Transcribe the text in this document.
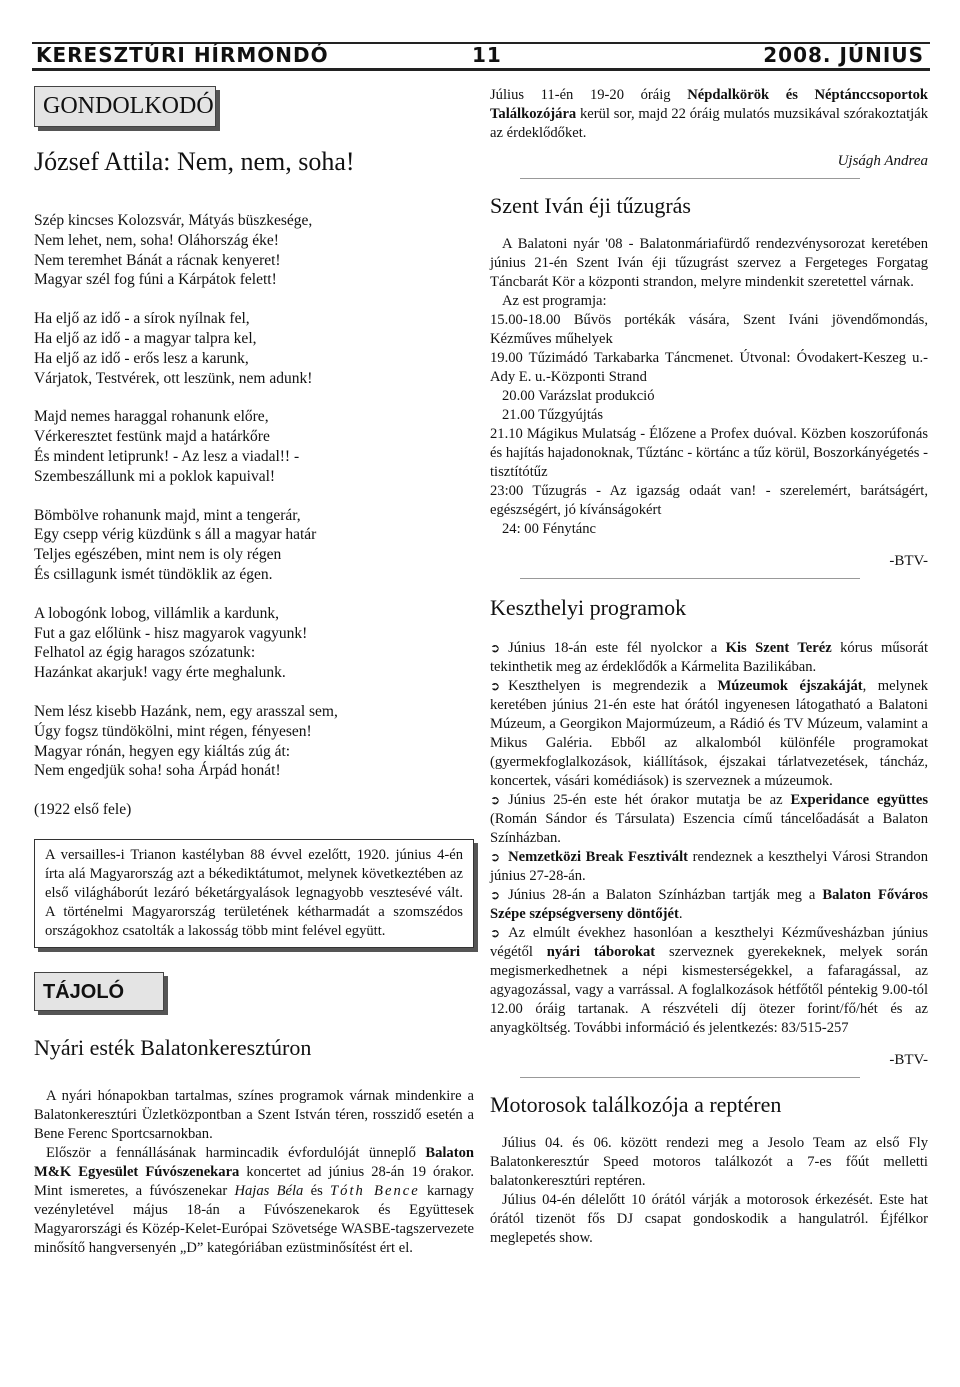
KERESZTÚRI HÍRMONDÓ	11	2008. JÚNIUS
GONDOLKODÓ
József Attila: Nem, nem, soha!

Szép kincses Kolozsvár, Mátyás büszkesége,
Nem lehet, nem, soha! Oláhország éke!
Nem teremhet Bánát a rácnak kenyeret!
Magyar szél fog fúni a Kárpátok felett!

Ha eljő az idő - a sírok nyílnak fel,
Ha eljő az idő - a magyar talpra kel,
Ha eljő az idő - erős lesz a karunk,
Várjatok, Testvérek, ott leszünk, nem adunk!

Majd nemes haraggal rohanunk előre,
Vérkeresztet festünk majd a határkőre
És mindent letiprunk! - Az lesz a viadal!! -
Szembeszállunk mi a poklok kapuival!

Bömbölve rohanunk majd, mint a tengerár,
Egy csepp vérig küzdünk s áll a magyar határ
Teljes egészében, mint nem is oly régen
És csillagunk ismét tündöklik az égen.

A lobogónk lobog, villámlik a kardunk,
Fut a gaz előlünk - hisz magyarok vagyunk!
Felhatol az égig haragos szózatunk:
Hazánkat akarjuk! vagy érte meghalunk.

Nem lész kisebb Hazánk, nem, egy arasszal sem,
Úgy fogsz tündökölni, mint régen, fényesen!
Magyar rónán, hegyen egy kiáltás zúg át:
Nem engedjük soha! soha Árpád honát!

(1922 első fele)

A versailles-i Trianon kastélyban 88 évvel ezelőtt, 1920. június 4-én írta alá Magyarország azt a békediktátumot, melynek következtében az első világháborút lezáró béketárgyalások legnagyobb vesztesévé vált. A történelmi Magyarország területének kétharmadát a szomszédos országokhoz csatolták a lakosság több mint felével együtt.
TÁJOLÓ
Nyári esték Balatonkeresztúron

A nyári hónapokban tartalmas, színes programok várnak mindenkire a Balatonkeresztúri Üzletközpontban a Szent István téren, rosszidő esetén a Bene Ferenc Sportcsarnokban.

Először a fennállásának harmincadik évfordulóját ünneplő Balaton M&K Egyesület Fúvószenekara koncertet ad június 28-án 19 órakor. Mint ismeretes, a fúvószenekar Hajas Béla és Tóth Bence karnagy vezényletével május 18-án a Fúvószenekarok és Együttesek Magyarországi és Közép-Kelet-Európai Szövetsége WASBE-tagszervezete minősítő hangversenyén „D” kategóriában ezüstminősítést ért el.

Július 11-én 19-20 óráig Népdalkörök és Néptánccsoportok Találkozójára kerül sor, majd 22 óráig mulatós muzsikával szórakoztatják az érdeklődőket.

Ujságh Andrea
Szent Iván éji tűzugrás

A Balatoni nyár '08 - Balatonmáriafürdő rendezvénysorozat keretében június 21-én Szent Iván éji tűzugrást szervez a Fergeteges Forgatag Táncbarát Kör a központi strandon, melyre mindenkit szeretettel várnak.

Az est programja:

15.00-18.00 Bűvös portékák vására, Szent Iváni jövendőmondás, Kézműves műhelyek

19.00 Tűzimádó Tarkabarka Táncmenet. Útvonal: Óvodakert-Keszeg u.-Ady E. u.-Központi Strand

20.00 Varázslat produkció

21.00 Tűzgyújtás

21.10 Mágikus Mulatság - Élőzene a Profex duóval. Közben koszorúfonás és hajítás hajadonoknak, Tűztánc - körtánc a tűz körül, Boszorkányégetés - tisztítótűz

23:00 Tűzugrás - Az igazság odaát van! - szerelemért, barátságért, egészségért, jó kívánságokért

24: 00 Fénytánc

-BTV-
Keszthelyi programok

➲ Június 18-án este fél nyolckor a Kis Szent Teréz kórus műsorát tekinthetik meg az érdeklődők a Kármelita Bazilikában.

➲ Keszthelyen is megrendezik a Múzeumok éjszakáját, melynek keretében június 21-én este hat órától ingyenesen látogatható a Balatoni Múzeum, a Georgikon Majormúzeum, a Rádió és TV Múzeum, valamint a Mikus Galéria. Ebből az alkalomból különféle programokat (gyermekfoglalkozások, kiállítások, éjszakai tárlatvezetések, táncház, koncertek, vásári komédiások) is szerveznek a múzeumok.

➲ Június 25-én este hét órakor mutatja be az Experidance együttes (Román Sándor és Társulata) Eszencia című táncelőadását a Balaton Színházban.

➲ Nemzetközi Break Fesztivált rendeznek a keszthelyi Városi Strandon június 27-28-án.

➲ Június 28-án a Balaton Színházban tartják meg a Balaton Főváros Szépe szépségverseny döntőjét.

➲ Az elmúlt évekhez hasonlóan a keszthelyi Kézművesházban június végétől nyári táborokat szerveznek gyerekeknek, melyek során megismerkedhetnek a népi kismesterségekkel, a fafaragással, az agyagozással, vagy a varrással. A foglalkozások hétfőtől péntekig 9.00-tól 12.00 óráig tartanak. A részvételi díj ötezer forint/fő/hét és az anyagköltség. További információ és jelentkezés: 83/515-257

-BTV-
Motorosok találkozója a reptéren

Július 04. és 06. között rendezi meg a Jesolo Team az első Fly Balatonkeresztúr Speed motoros találkozót a 7-es főút melletti balatonkeresztúri reptéren.

Július 04-én délelőtt 10 órától várják a motorosok érkezését. Este hat órától tizenöt fős DJ csapat gondoskodik a hangulatról. Éjfélkor meglepetés show.
